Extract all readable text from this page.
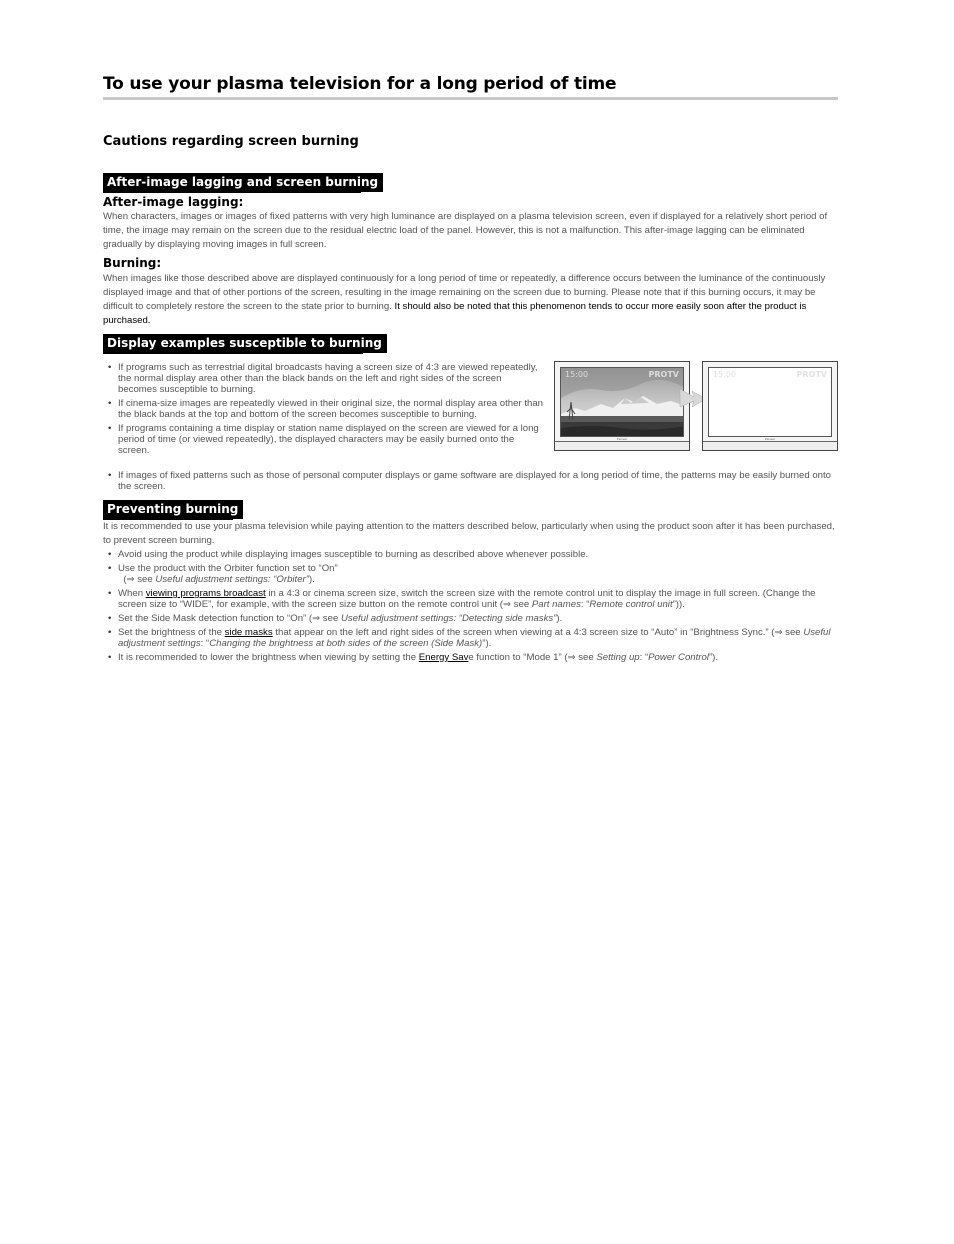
To use your plasma television for a long period of time
Cautions regarding screen burning
After-image lagging and screen burning
After-image lagging:

When characters, images or images of fixed patterns with very high luminance are displayed on a plasma television screen, even if displayed for a relatively short period of time, the image may remain on the screen due to the residual electric load of the panel. However, this is not a malfunction. This after-image lagging can be eliminated gradually by displaying moving images in full screen.

Burning:

When images like those described above are displayed continuously for a long period of time or repeatedly, a difference occurs between the luminance of the continuously displayed image and that of other portions of the screen, resulting in the image remaining on the screen due to burning. Please note that if this burning occurs, it may be difficult to completely restore the screen to the state prior to burning. It should also be noted that this phenomenon tends to occur more easily soon after the product is purchased.

Display examples susceptible to burning
• If programs such as terrestrial digital broadcasts having a screen size of 4:3 are viewed repeatedly, the normal display area other than the black bands on the left and right sides of the screen becomes susceptible to burning.
• If cinema-size images are repeatedly viewed in their original size, the normal display area other than the black bands at the top and bottom of the screen becomes susceptible to burning.
• If programs containing a time display or station name displayed on the screen are viewed for a long period of time (or viewed repeatedly), the displayed characters may be easily burned onto the screen.
• If images of fixed patterns such as those of personal computer displays or game software are displayed for a long period of time, the patterns may be easily burned onto the screen.
15:00	PROTV
Pioneer
15:00	PROTV
Pioneer
Preventing burning

It is recommended to use your plasma television while paying attention to the matters described below, particularly when using the product soon after it has been purchased, to prevent screen burning.

• Avoid using the product while displaying images susceptible to burning as described above whenever possible.
• Use the product with the Orbiter function set to “On”
(⇒ see Useful adjustment settings: “Orbiter”).
• When viewing programs broadcast in a 4:3 or cinema screen size, switch the screen size with the remote control unit to display the image in full screen. (Change the screen size to “WIDE”, for example, with the screen size button on the remote control unit (⇒ see Part names: “Remote control unit”)).
• Set the Side Mask detection function to “On” (⇒ see Useful adjustment settings: “Detecting side masks”).
• Set the brightness of the side masks that appear on the left and right sides of the screen when viewing at a 4:3 screen size to “Auto” in “Brightness Sync.” (⇒ see Useful adjustment settings: “Changing the brightness at both sides of the screen (Side Mask)”).
• It is recommended to lower the brightness when viewing by setting the Energy Save function to “Mode 1” (⇒ see Setting up: “Power Control”).
